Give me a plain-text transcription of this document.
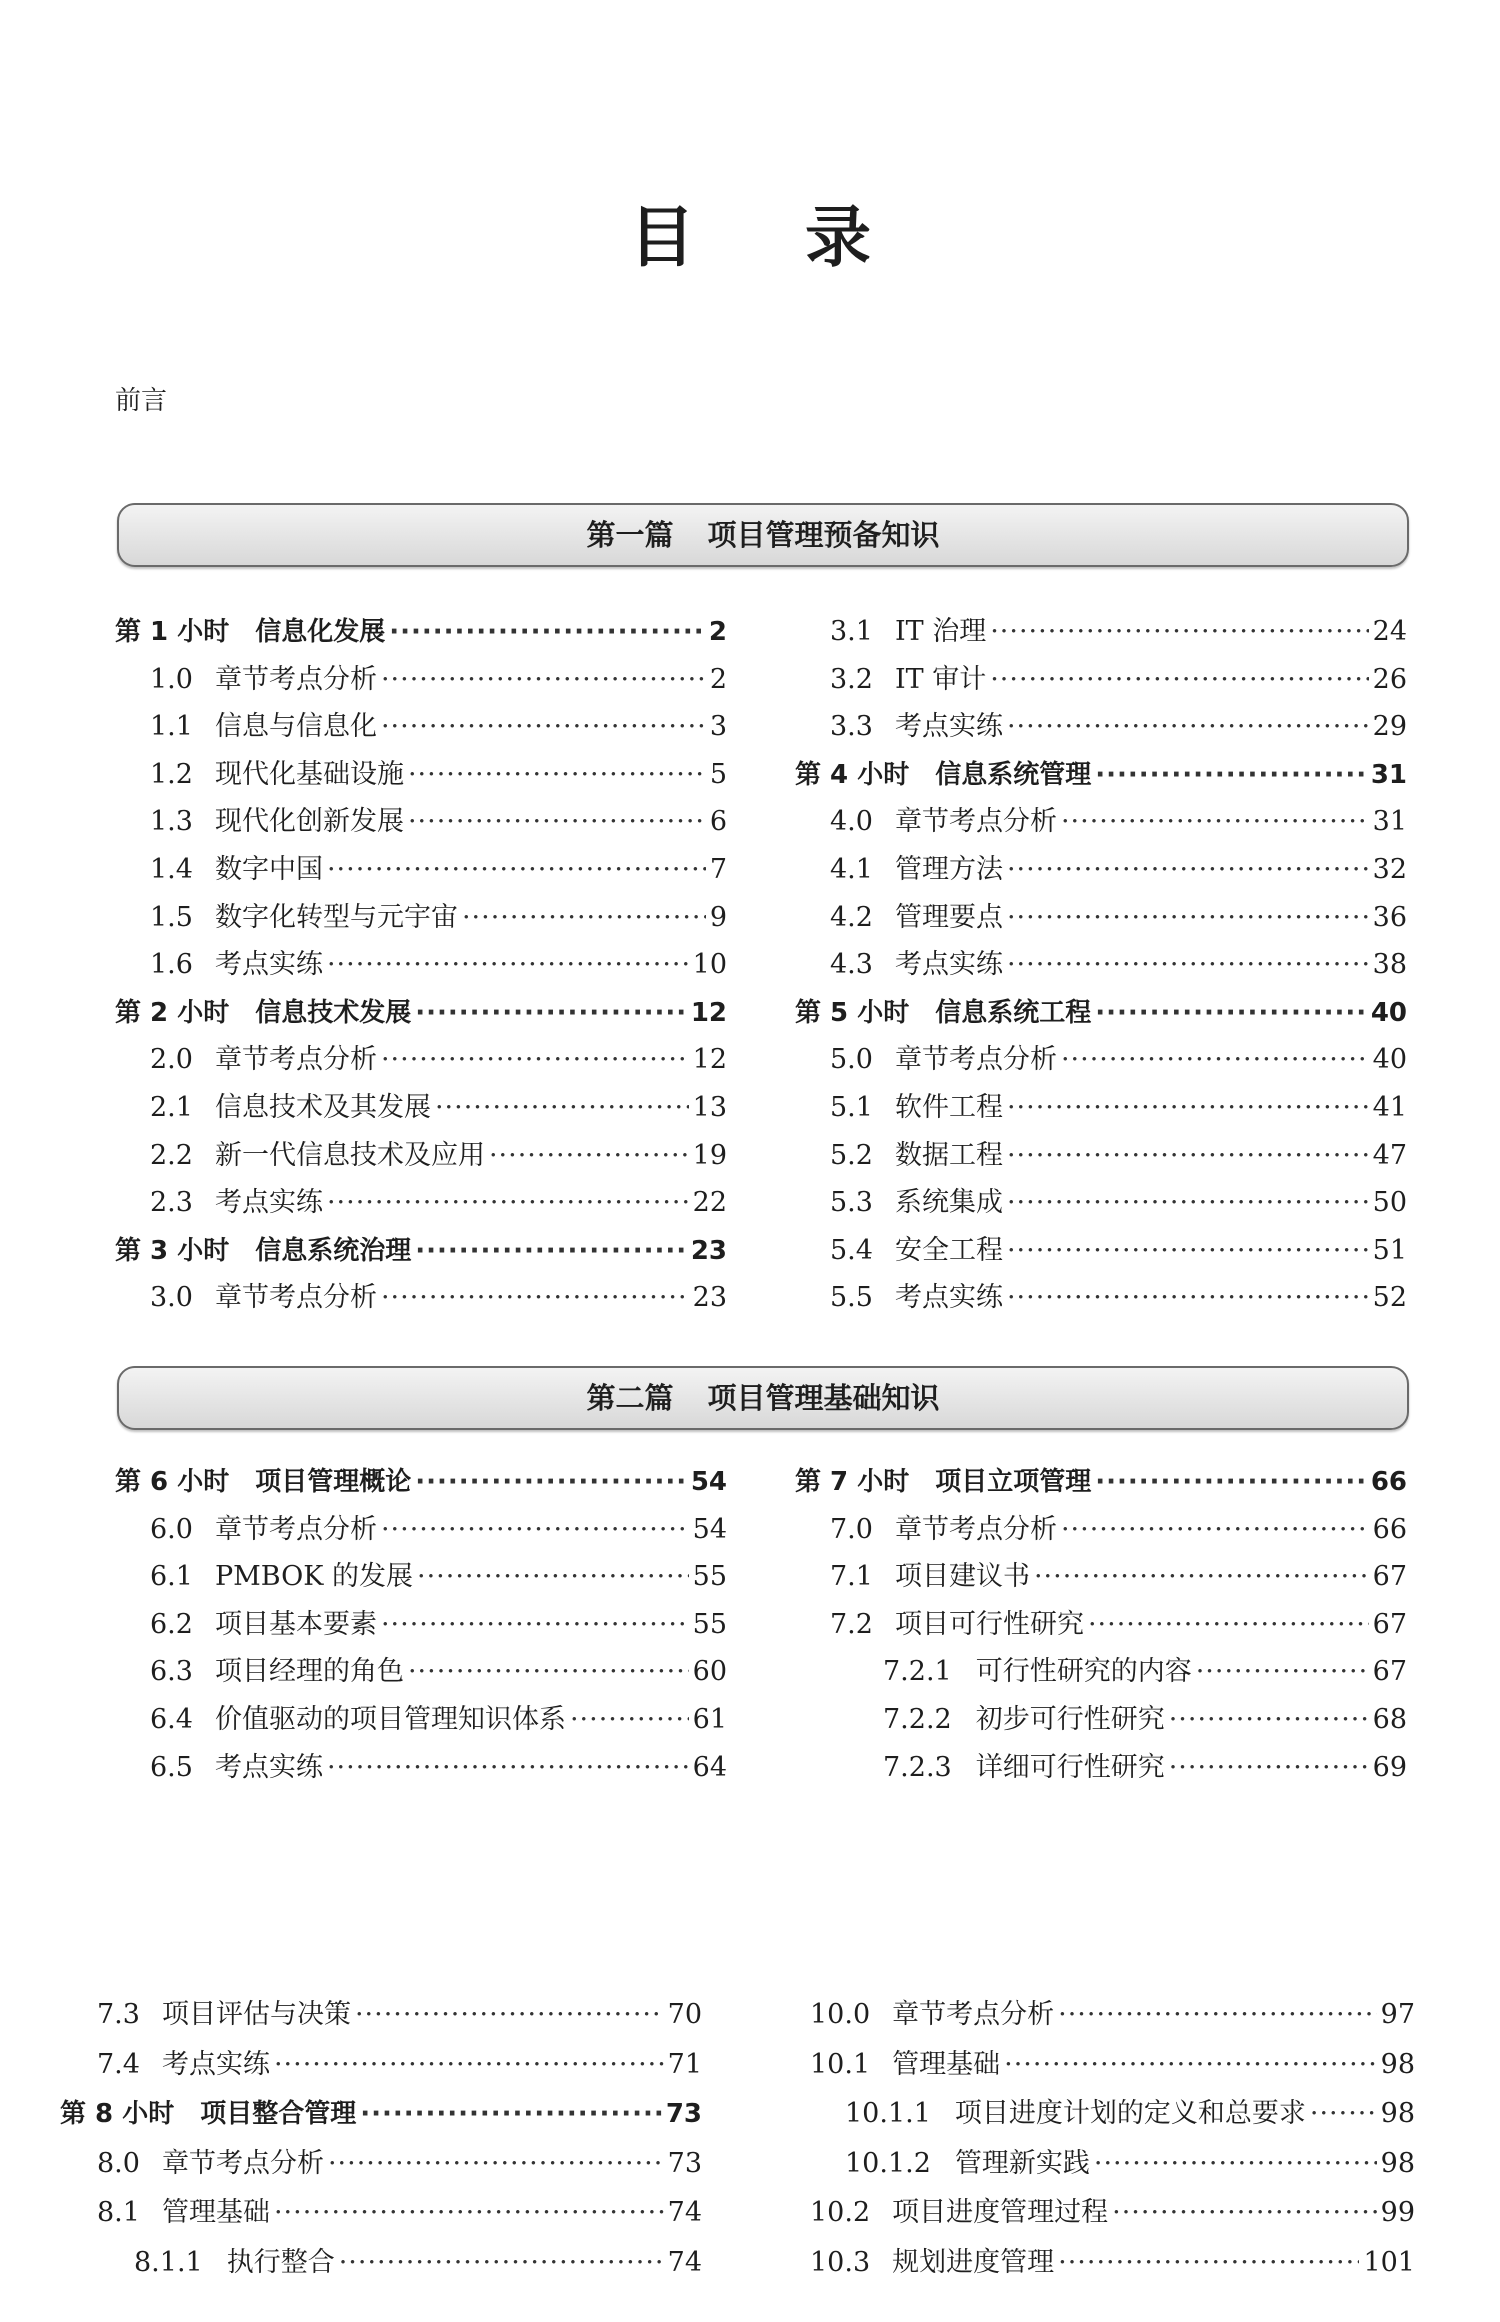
目录
前言
第一篇 项目管理预备知识
第二篇 项目管理基础知识
第 1 小时 信息化发展 ·····	2
1.0 章节考点分析 ·····	2
1.1 信息与信息化 ·····	3
1.2 现代化基础设施 ·····	5
1.3 现代化创新发展 ·····	6
1.4 数字中国 ·····	7
1.5 数字化转型与元宇宙 ·····	9
1.6 考点实练 ·····	10
第 2 小时 信息技术发展 ·····	12
2.0 章节考点分析 ·····	12
2.1 信息技术及其发展 ·····	13
2.2 新一代信息技术及应用 ·····	19
2.3 考点实练 ·····	22
第 3 小时 信息系统治理 ·····	23
3.0 章节考点分析 ·····	23
3.1 IT 治理 ·····	24
3.2 IT 审计 ·····	26
3.3 考点实练 ·····	29
第 4 小时 信息系统管理 ·····	31
4.0 章节考点分析 ·····	31
4.1 管理方法 ·····	32
4.2 管理要点 ·····	36
4.3 考点实练 ·····	38
第 5 小时 信息系统工程 ·····	40
5.0 章节考点分析 ·····	40
5.1 软件工程 ·····	41
5.2 数据工程 ·····	47
5.3 系统集成 ·····	50
5.4 安全工程 ·····	51
5.5 考点实练 ·····	52
第 6 小时 项目管理概论 ·····	54
6.0 章节考点分析 ·····	54
6.1 PMBOK 的发展 ·····	55
6.2 项目基本要素 ·····	55
6.3 项目经理的角色 ·····	60
6.4 价值驱动的项目管理知识体系 ·····	61
6.5 考点实练 ·····	64
第 7 小时 项目立项管理 ·····	66
7.0 章节考点分析 ·····	66
7.1 项目建议书 ·····	67
7.2 项目可行性研究 ·····	67
7.2.1 可行性研究的内容 ·····	67
7.2.2 初步可行性研究 ·····	68
7.2.3 详细可行性研究 ·····	69
7.3 项目评估与决策 ·····	70
7.4 考点实练 ·····	71
第 8 小时 项目整合管理 ·····	73
8.0 章节考点分析 ·····	73
8.1 管理基础 ·····	74
8.1.1 执行整合 ·····	74
10.0 章节考点分析 ·····	97
10.1 管理基础 ·····	98
10.1.1 项目进度计划的定义和总要求 ·····	98
10.1.2 管理新实践 ·····	98
10.2 项目进度管理过程 ·····	99
10.3 规划进度管理 ·····	101
